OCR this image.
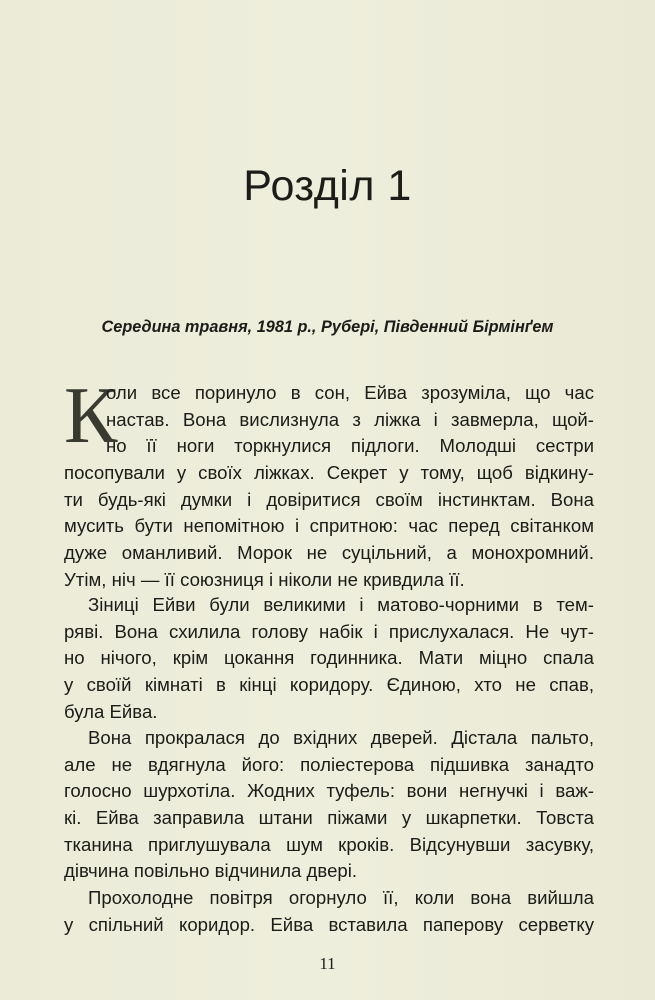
Розділ 1

Середина травня, 1981 р., Рубері, Південний Бірмінґем

К
оли все поринуло в сон, Ейва зрозуміла, що час
настав. Вона вислизнула з ліжка і завмерла, щой-
но її ноги торкнулися підлоги. Молодші сестри
посопували у своїх ліжках. Секрет у тому, щоб відкину-
ти будь-які думки і довіритися своїм інстинктам. Вона
мусить бути непомітною і спритною: час перед світанком
дуже оманливий. Морок не суцільний, а монохромний.
Утім, ніч — її союзниця і ніколи не кривдила її.
Зіниці Ейви були великими і матово-чорними в тем-
ряві. Вона схилила голову набік і прислухалася. Не чут-
но нічого, крім цокання годинника. Мати міцно спала
у своїй кімнаті в кінці коридору. Єдиною, хто не спав,
була Ейва.
Вона прокралася до вхідних дверей. Дістала пальто,
але не вдягнула його: поліестерова підшивка занадто
голосно шурхотіла. Жодних туфель: вони негнучкі і важ-
кі. Ейва заправила штани піжами у шкарпетки. Товста
тканина приглушувала шум кроків. Відсунувши засувку,
дівчина повільно відчинила двері.
Прохолодне повітря огорнуло її, коли вона вийшла
у спільний коридор. Ейва вставила паперову серветку
11
